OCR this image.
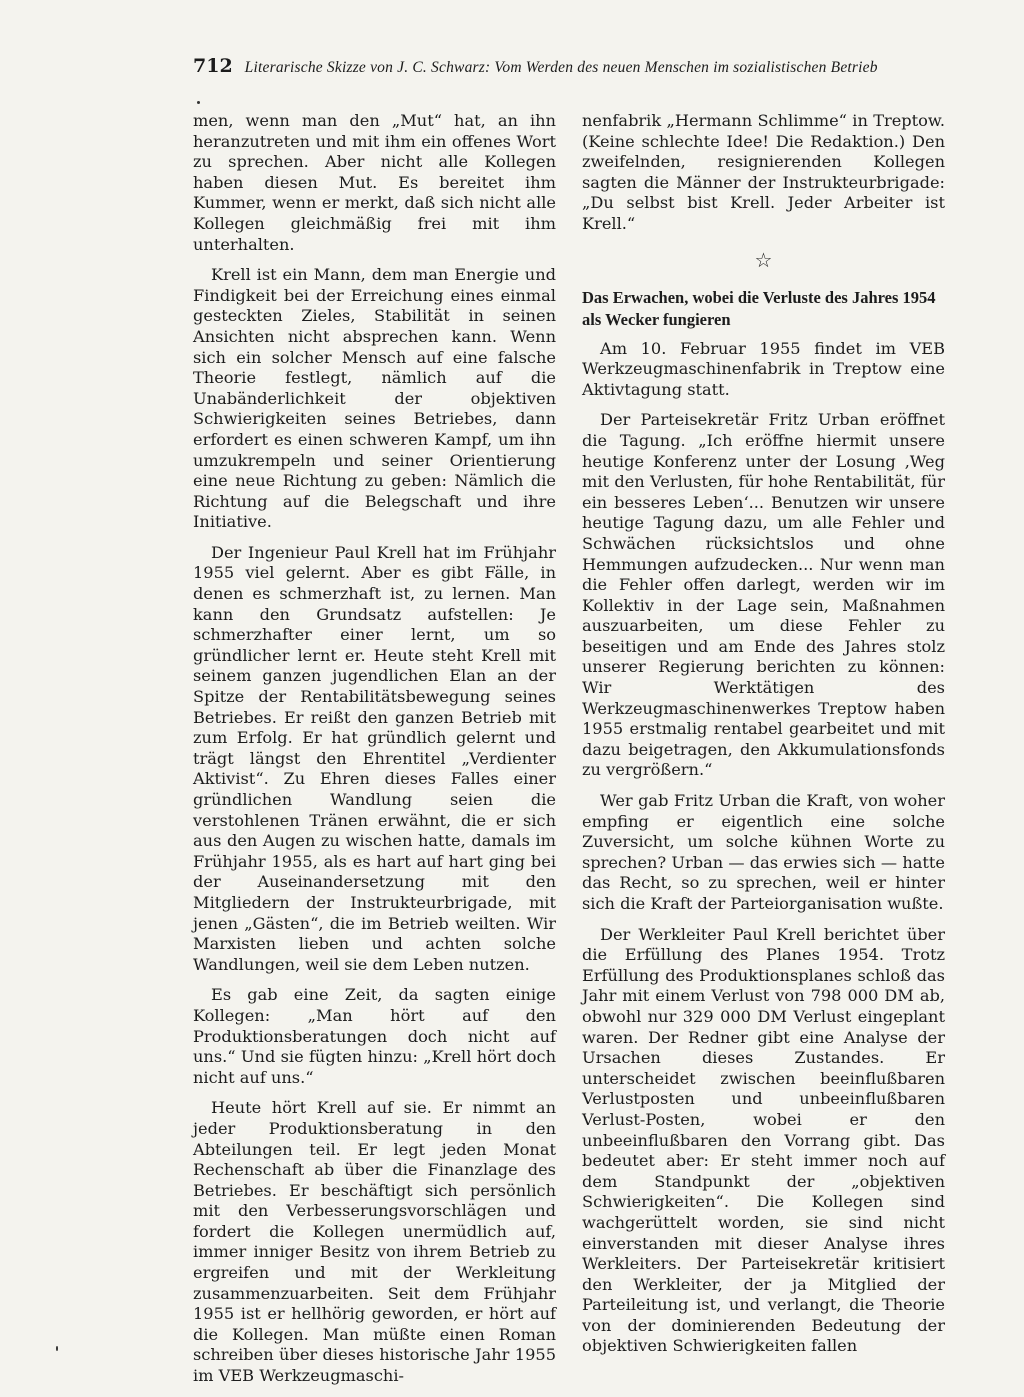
712 Literarische Skizze von J. C. Schwarz: Vom Werden des neuen Menschen im sozialistischen Betrieb

men, wenn man den „Mut“ hat, an ihn heranzutreten und mit ihm ein offenes Wort zu sprechen. Aber nicht alle Kollegen haben diesen Mut. Es bereitet ihm Kummer, wenn er merkt, daß sich nicht alle Kollegen gleichmäßig frei mit ihm unterhalten.

Krell ist ein Mann, dem man Energie und Findigkeit bei der Erreichung eines einmal gesteckten Zieles, Stabilität in seinen Ansichten nicht absprechen kann. Wenn sich ein solcher Mensch auf eine falsche Theorie festlegt, nämlich auf die Unabänderlichkeit der objektiven Schwierigkeiten seines Betriebes, dann erfordert es einen schweren Kampf, um ihn umzukrempeln und seiner Orientierung eine neue Richtung zu geben: Nämlich die Richtung auf die Belegschaft und ihre Initiative.

Der Ingenieur Paul Krell hat im Frühjahr 1955 viel gelernt. Aber es gibt Fälle, in denen es schmerzhaft ist, zu lernen. Man kann den Grundsatz aufstellen: Je schmerzhafter einer lernt, um so gründlicher lernt er. Heute steht Krell mit seinem ganzen jugendlichen Elan an der Spitze der Rentabilitätsbewegung seines Betriebes. Er reißt den ganzen Betrieb mit zum Erfolg. Er hat gründlich gelernt und trägt längst den Ehrentitel „Verdienter Aktivist“. Zu Ehren dieses Falles einer gründlichen Wandlung seien die verstohlenen Tränen erwähnt, die er sich aus den Augen zu wischen hatte, damals im Frühjahr 1955, als es hart auf hart ging bei der Auseinandersetzung mit den Mitgliedern der Instrukteurbrigade, mit jenen „Gästen“, die im Betrieb weilten. Wir Marxisten lieben und achten solche Wandlungen, weil sie dem Leben nutzen.

Es gab eine Zeit, da sagten einige Kollegen: „Man hört auf den Produktionsberatungen doch nicht auf uns.“ Und sie fügten hinzu: „Krell hört doch nicht auf uns.“

Heute hört Krell auf sie. Er nimmt an jeder Produktionsberatung in den Abteilungen teil. Er legt jeden Monat Rechenschaft ab über die Finanzlage des Betriebes. Er beschäftigt sich persönlich mit den Verbesserungsvorschlägen und fordert die Kollegen unermüdlich auf, immer inniger Besitz von ihrem Betrieb zu ergreifen und mit der Werkleitung zusammenzuarbeiten. Seit dem Frühjahr 1955 ist er hellhörig geworden, er hört auf die Kollegen. Man müßte einen Roman schreiben über dieses historische Jahr 1955 im VEB Werkzeugmaschi-

nenfabrik „Hermann Schlimme“ in Treptow. (Keine schlechte Idee! Die Redaktion.) Den zweifelnden, resignierenden Kollegen sagten die Männer der Instrukteurbrigade: „Du selbst bist Krell. Jeder Arbeiter ist Krell.“

☆
Das Erwachen, wobei die Verluste des Jahres 1954 als Wecker fungieren

Am 10. Februar 1955 findet im VEB Werkzeugmaschinenfabrik in Treptow eine Aktivtagung statt.

Der Parteisekretär Fritz Urban eröffnet die Tagung. „Ich eröffne hiermit unsere heutige Konferenz unter der Losung ‚Weg mit den Verlusten, für hohe Rentabilität, für ein besseres Leben‘... Benutzen wir unsere heutige Tagung dazu, um alle Fehler und Schwächen rücksichtslos und ohne Hemmungen aufzudecken... Nur wenn man die Fehler offen darlegt, werden wir im Kollektiv in der Lage sein, Maßnahmen auszuarbeiten, um diese Fehler zu beseitigen und am Ende des Jahres stolz unserer Regierung berichten zu können: Wir Werktätigen des Werkzeugmaschinenwerkes Treptow haben 1955 erstmalig rentabel gearbeitet und mit dazu beigetragen, den Akkumulationsfonds zu vergrößern.“

Wer gab Fritz Urban die Kraft, von woher empfing er eigentlich eine solche Zuversicht, um solche kühnen Worte zu sprechen? Urban — das erwies sich — hatte das Recht, so zu sprechen, weil er hinter sich die Kraft der Parteiorganisation wußte.

Der Werkleiter Paul Krell berichtet über die Erfüllung des Planes 1954. Trotz Erfüllung des Produktionsplanes schloß das Jahr mit einem Verlust von 798 000 DM ab, obwohl nur 329 000 DM Verlust eingeplant waren. Der Redner gibt eine Analyse der Ursachen dieses Zustandes. Er unterscheidet zwischen beeinflußbaren Verlustposten und unbeeinflußbaren Verlust-Posten, wobei er den unbeeinflußbaren den Vorrang gibt. Das bedeutet aber: Er steht immer noch auf dem Standpunkt der „objektiven Schwierigkeiten“. Die Kollegen sind wachgerüttelt worden, sie sind nicht einverstanden mit dieser Analyse ihres Werkleiters. Der Parteisekretär kritisiert den Werkleiter, der ja Mitglied der Parteileitung ist, und verlangt, die Theorie von der dominierenden Bedeutung der objektiven Schwierigkeiten fallen
